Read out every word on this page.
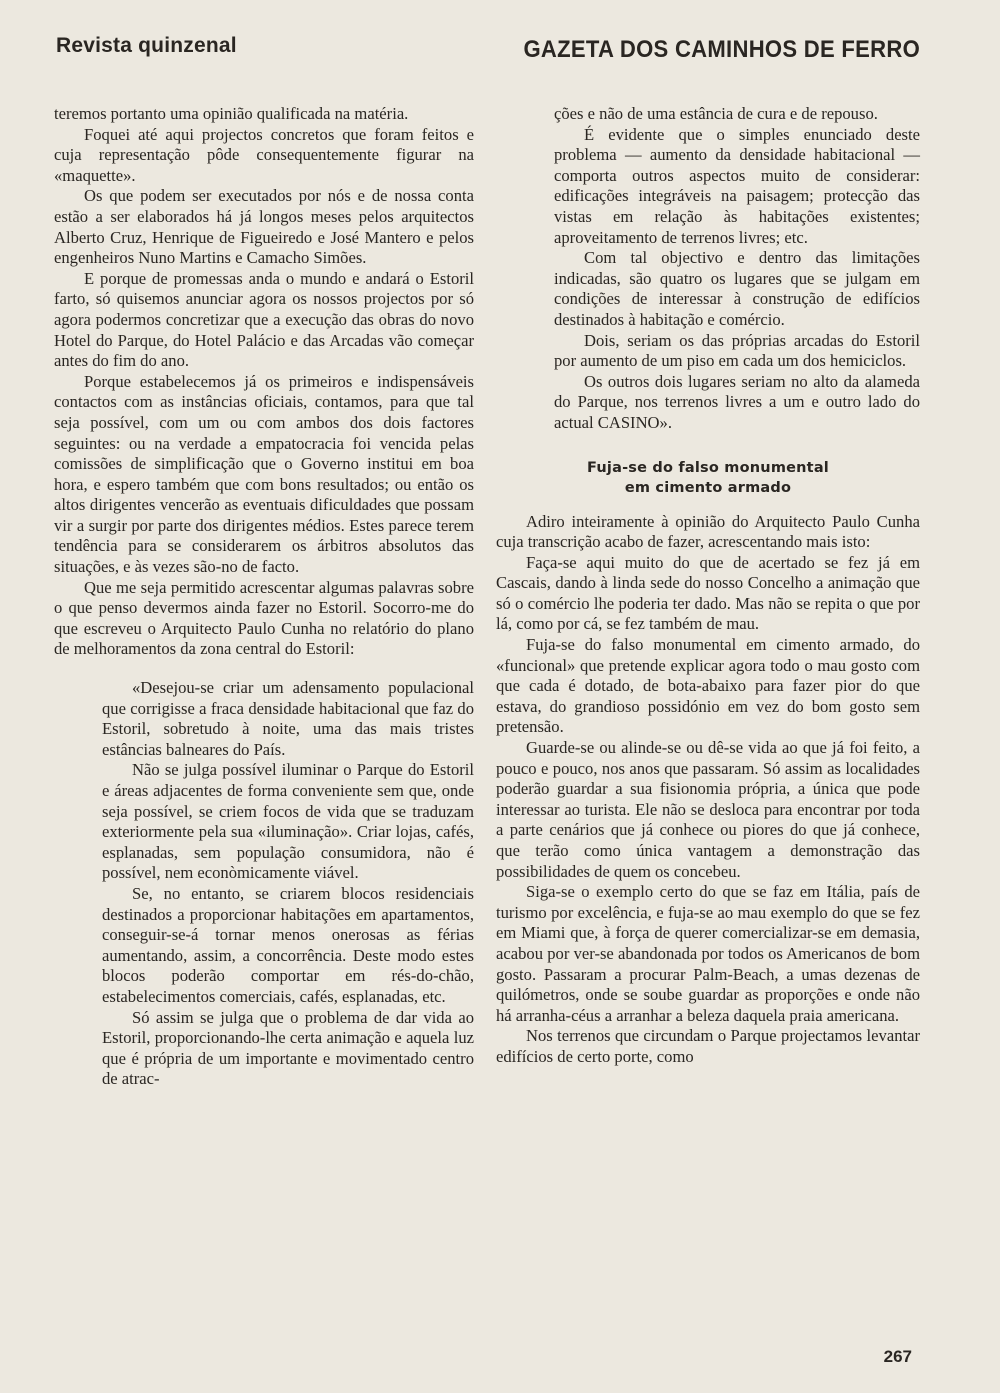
Revista quinzenal	GAZETA DOS CAMINHOS DE FERRO

teremos portanto uma opinião qualificada na matéria.

Foquei até aqui projectos concretos que foram feitos e cuja representação pôde consequentemente figurar na «maquette».

Os que podem ser executados por nós e de nossa conta estão a ser elaborados há já longos meses pelos arquitectos Alberto Cruz, Henrique de Figueiredo e José Mantero e pelos engenheiros Nuno Martins e Camacho Simões.

E porque de promessas anda o mundo e andará o Estoril farto, só quisemos anunciar agora os nossos projectos por só agora podermos concretizar que a execução das obras do novo Hotel do Parque, do Hotel Palácio e das Arcadas vão começar antes do fim do ano.

Porque estabelecemos já os primeiros e indispensáveis contactos com as instâncias oficiais, contamos, para que tal seja possível, com um ou com ambos dos dois factores seguintes: ou na verdade a empatocracia foi vencida pelas comissões de simplificação que o Governo institui em boa hora, e espero também que com bons resultados; ou então os altos dirigentes vencerão as eventuais dificuldades que possam vir a surgir por parte dos dirigentes médios. Estes parece terem tendência para se considerarem os árbitros absolutos das situações, e às vezes são-no de facto.

Que me seja permitido acrescentar algumas palavras sobre o que penso devermos ainda fazer no Estoril. Socorro-me do que escreveu o Arquitecto Paulo Cunha no relatório do plano de melhoramentos da zona central do Estoril:

«Desejou-se criar um adensamento populacional que corrigisse a fraca densidade habitacional que faz do Estoril, sobretudo à noite, uma das mais tristes estâncias balneares do País.

Não se julga possível iluminar o Parque do Estoril e áreas adjacentes de forma conveniente sem que, onde seja possível, se criem focos de vida que se traduzam exteriormente pela sua «iluminação». Criar lojas, cafés, esplanadas, sem população consumidora, não é possível, nem econòmicamente viável.

Se, no entanto, se criarem blocos residenciais destinados a proporcionar habitações em apartamentos, conseguir-se-á tornar menos onerosas as férias aumentando, assim, a concorrência. Deste modo estes blocos poderão comportar em rés-do-chão, estabelecimentos comerciais, cafés, esplanadas, etc.

Só assim se julga que o problema de dar vida ao Estoril, proporcionando-lhe certa animação e aquela luz que é própria de um importante e movimentado centro de atrac-

ções e não de uma estância de cura e de repouso.

É evidente que o simples enunciado deste problema — aumento da densidade habitacional — comporta outros aspectos muito de considerar: edificações integráveis na paisagem; protecção das vistas em relação às habitações existentes; aproveitamento de terrenos livres; etc.

Com tal objectivo e dentro das limitações indicadas, são quatro os lugares que se julgam em condições de interessar à construção de edifícios destinados à habitação e comércio.

Dois, seriam os das próprias arcadas do Estoril por aumento de um piso em cada um dos hemiciclos.

Os outros dois lugares seriam no alto da alameda do Parque, nos terrenos livres a um e outro lado do actual CASINO».

Fuja-se do falso monumental
em cimento armado

Adiro inteiramente à opinião do Arquitecto Paulo Cunha cuja transcrição acabo de fazer, acrescentando mais isto:

Faça-se aqui muito do que de acertado se fez já em Cascais, dando à linda sede do nosso Concelho a animação que só o comércio lhe poderia ter dado. Mas não se repita o que por lá, como por cá, se fez também de mau.

Fuja-se do falso monumental em cimento armado, do «funcional» que pretende explicar agora todo o mau gosto com que cada é dotado, de bota-abaixo para fazer pior do que estava, do grandioso possidónio em vez do bom gosto sem pretensão.

Guarde-se ou alinde-se ou dê-se vida ao que já foi feito, a pouco e pouco, nos anos que passaram. Só assim as localidades poderão guardar a sua fisionomia própria, a única que pode interessar ao turista. Ele não se desloca para encontrar por toda a parte cenários que já conhece ou piores do que já conhece, que terão como única vantagem a demonstração das possibilidades de quem os concebeu.

Siga-se o exemplo certo do que se faz em Itália, país de turismo por excelência, e fuja-se ao mau exemplo do que se fez em Miami que, à força de querer comercializar-se em demasia, acabou por ver-se abandonada por todos os Americanos de bom gosto. Passaram a procurar Palm-Beach, a umas dezenas de quilómetros, onde se soube guardar as proporções e onde não há arranha-céus a arranhar a beleza daquela praia americana.

Nos terrenos que circundam o Parque projectamos levantar edifícios de certo porte, como

267
